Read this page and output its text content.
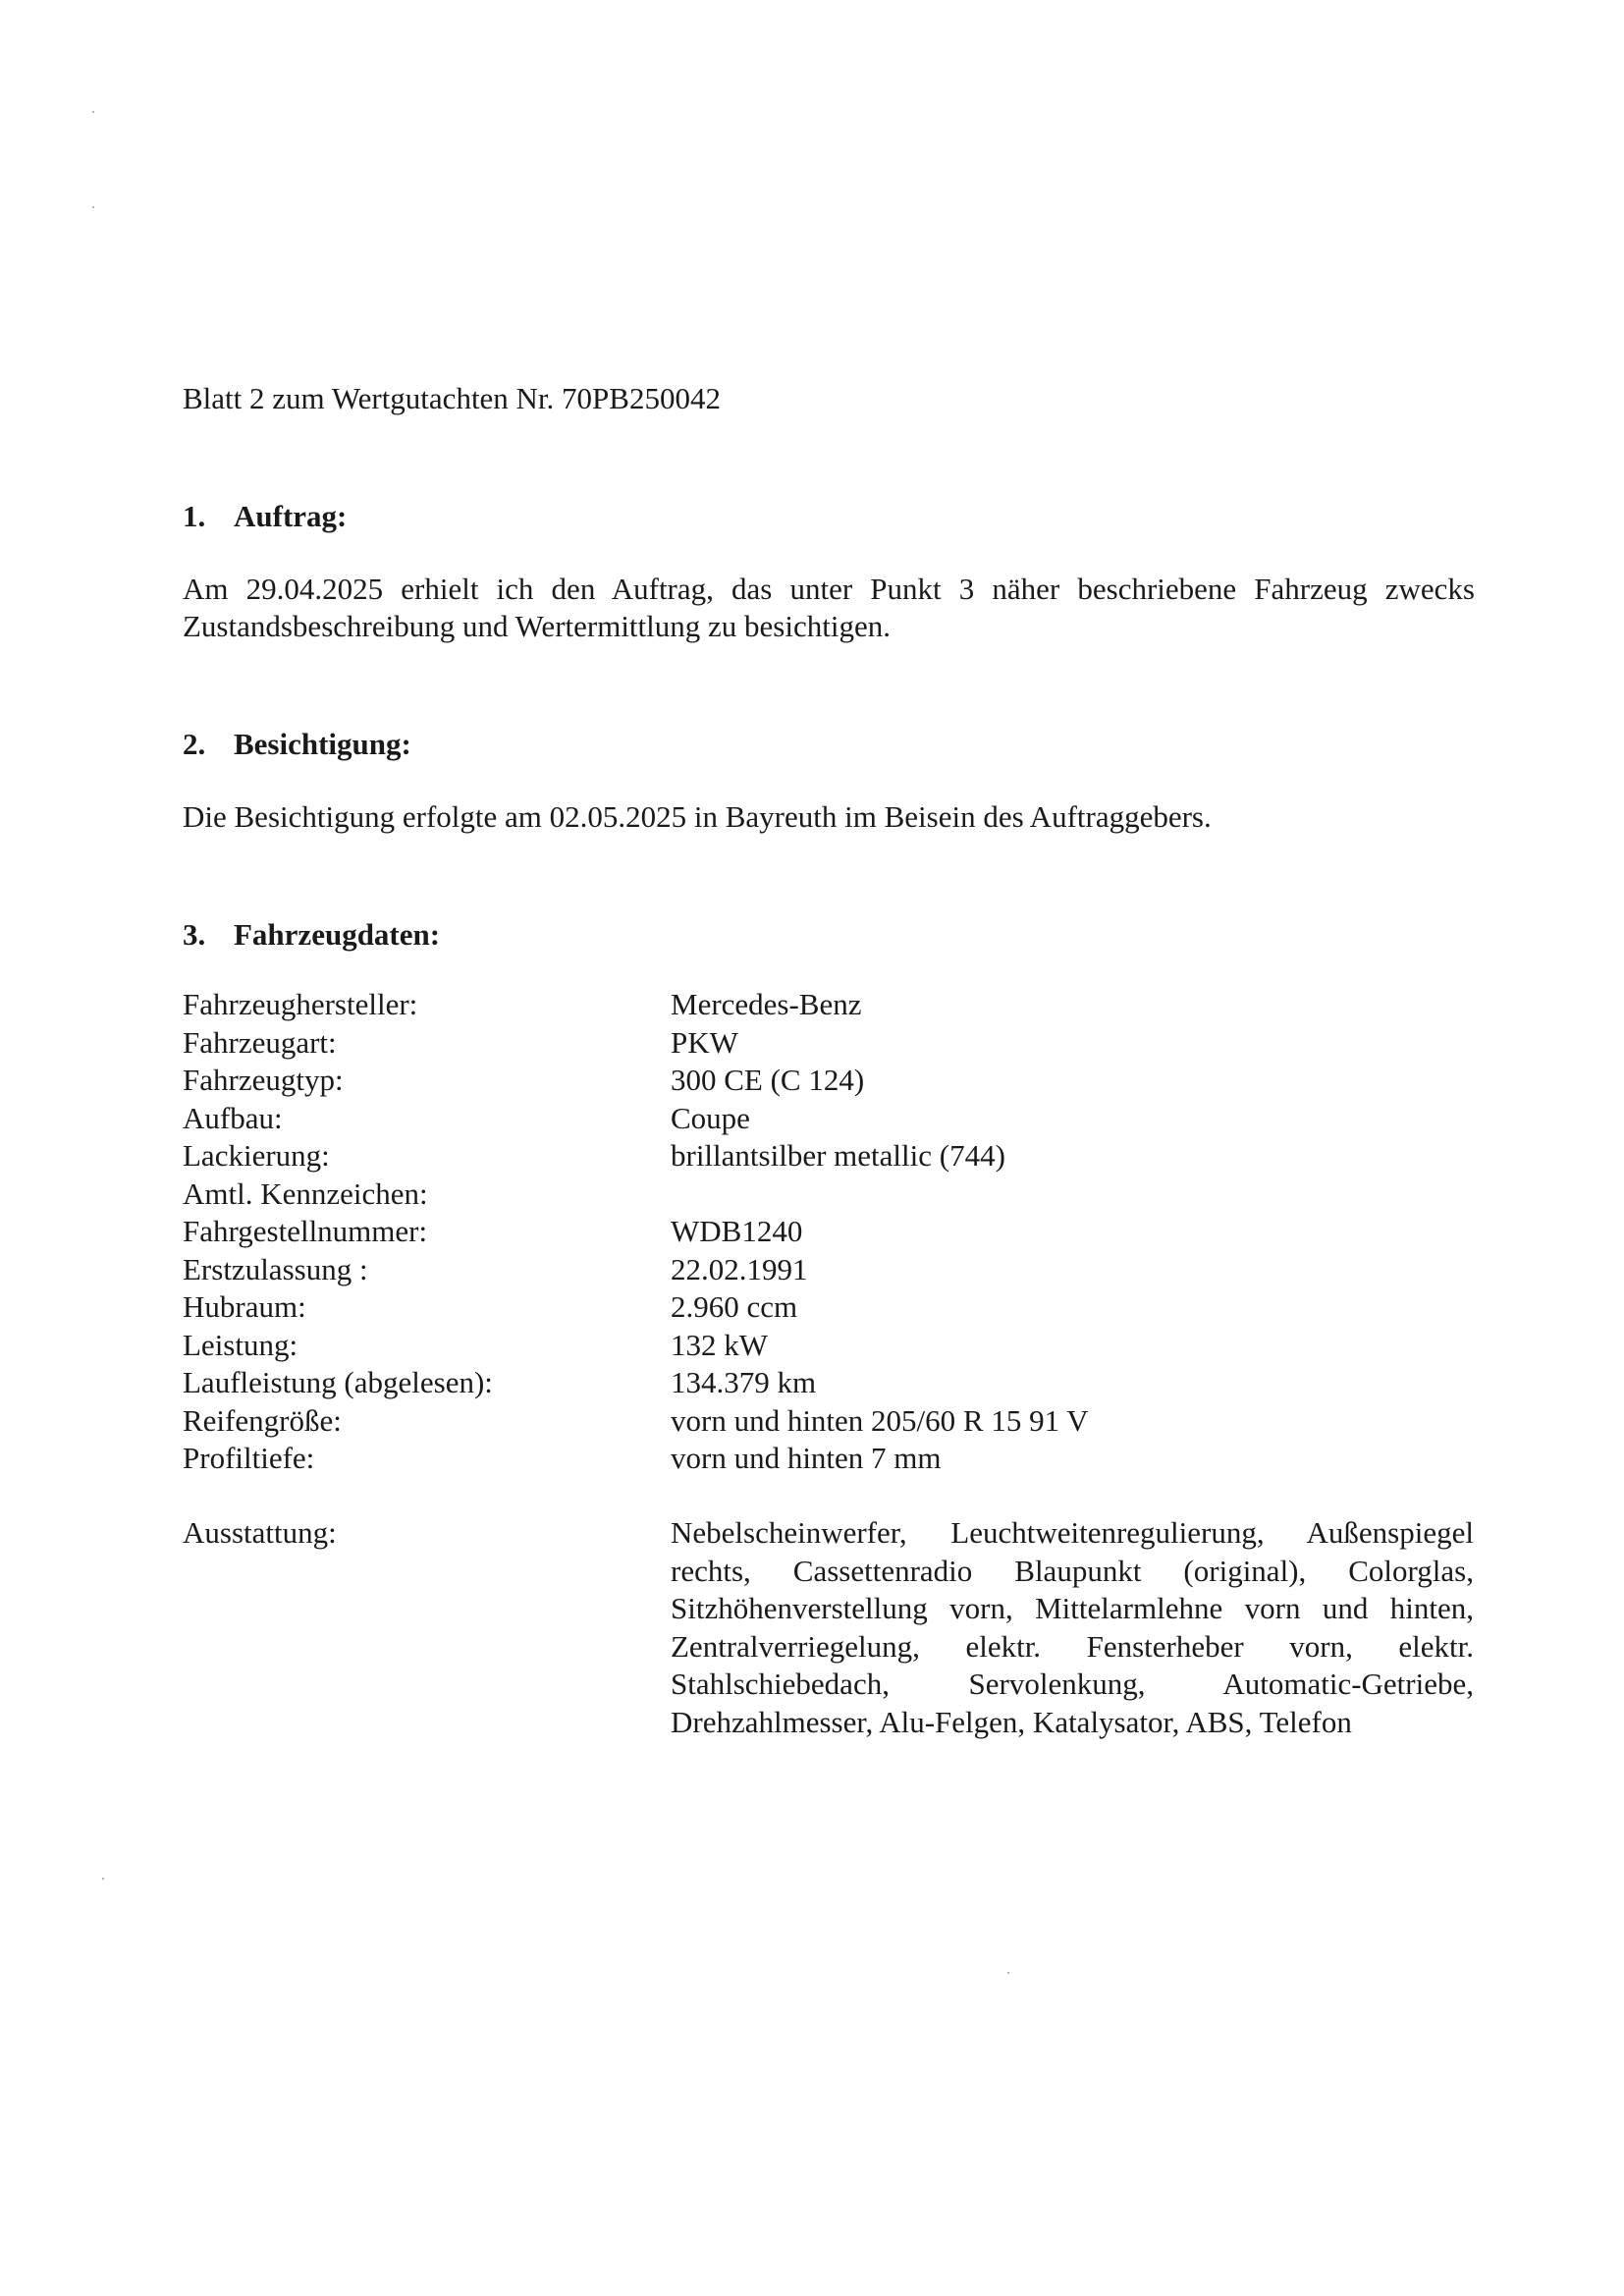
Blatt 2 zum Wertgutachten Nr. 70PB250042
1. Auftrag:
Am 29.04.2025 erhielt ich den Auftrag, das unter Punkt 3 näher beschriebene Fahrzeug zwecks
Zustandsbeschreibung und Wertermittlung zu besichtigen.
2. Besichtigung:
Die Besichtigung erfolgte am 02.05.2025 in Bayreuth im Beisein des Auftraggebers.
3. Fahrzeugdaten:
Fahrzeughersteller:	Mercedes-Benz
Fahrzeugart:	PKW
Fahrzeugtyp:	300 CE (C 124)
Aufbau:	Coupe
Lackierung:	brillantsilber metallic (744)
Amtl. Kennzeichen:
Fahrgestellnummer:	WDB1240
Erstzulassung :	22.02.1991
Hubraum:	2.960 ccm
Leistung:	132 kW
Laufleistung (abgelesen):	134.379 km
Reifengröße:	vorn und hinten 205/60 R 15 91 V
Profiltiefe:	vorn und hinten 7 mm
Ausstattung:	Nebelscheinwerfer, Leuchtweitenregulierung, Außenspiegel
rechts, Cassettenradio Blaupunkt (original), Colorglas,
Sitzhöhenverstellung vorn, Mittelarmlehne vorn und hinten,
Zentralverriegelung, elektr. Fensterheber vorn, elektr.
Stahlschiebedach, Servolenkung, Automatic-Getriebe,
Drehzahlmesser, Alu-Felgen, Katalysator, ABS, Telefon
